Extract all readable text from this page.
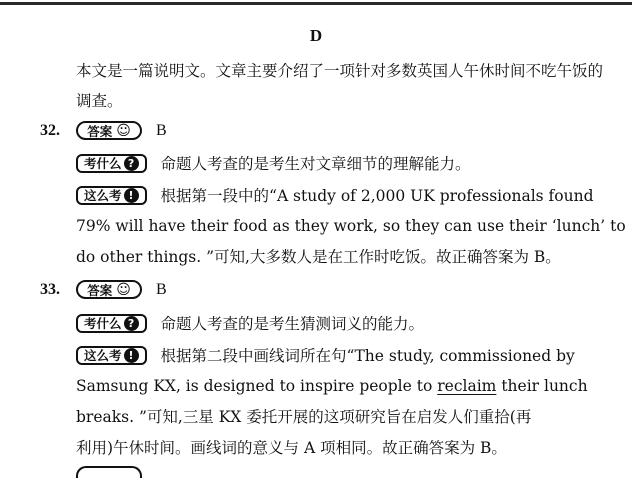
D
本文是一篇说明文。文章主要介绍了一项针对多数英国人午休时间不吃午饭的调查。
32.	答案 ☺ B
考什么 ? 命题人考查的是考生对文章细节的理解能力。
这么考 !	根据第一段中的“A study of 2,000 UK professionals found
79% will have their food as they work, so they can use their ‘lunch’ to
do other things. ”可知,大多数人是在工作时吃饭。故正确答案为 B。
33.	答案 ☺ B
考什么 ? 命题人考查的是考生猜测词义的能力。
这么考 !	根据第二段中画线词所在句“The study, commissioned by
Samsung KX, is designed to inspire people to reclaim their lunch
breaks. ”可知,三星 KX 委托开展的这项研究旨在启发人们重拾(再
利用)午休时间。画线词的意义与 A 项相同。故正确答案为 B。
